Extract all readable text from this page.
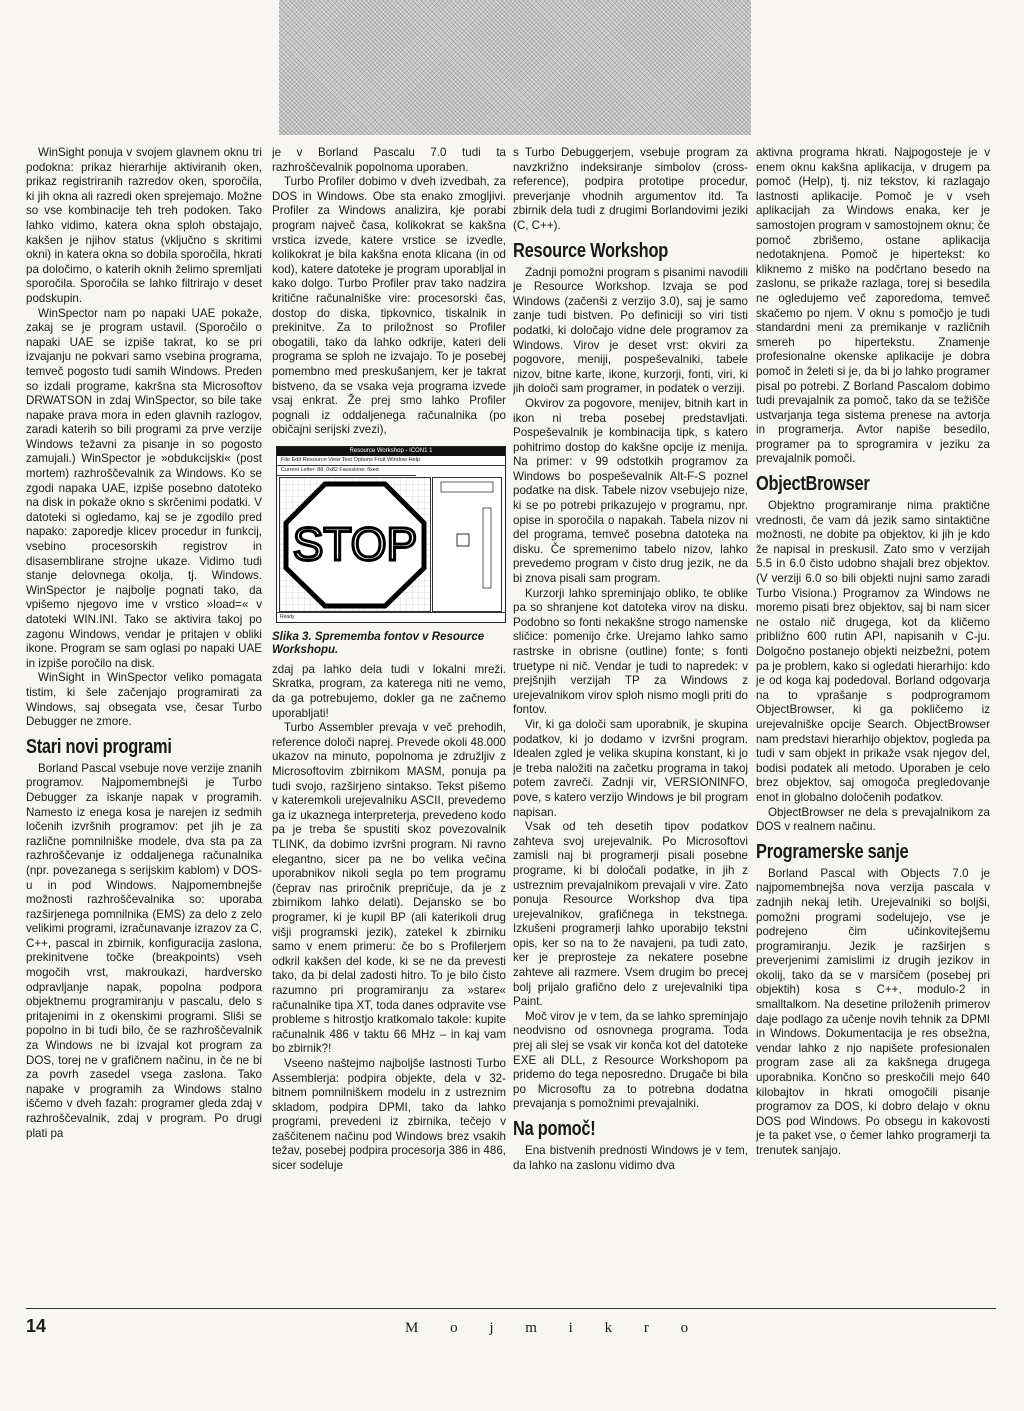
WinSight ponuja v svojem glavnem oknu tri podokna: prikaz hierarhije aktiviranih oken, prikaz registriranih razredov oken, sporočila, ki jih okna ali razredi oken sprejemajo. Možne so vse kombinacije teh treh podoken. Tako lahko vidimo, katera okna sploh obstajajo, kakšen je njihov status (vključno s skritimi okni) in katera okna so dobila sporočila, hkrati pa določimo, o katerih oknih želimo spremljati sporočila. Sporočila se lahko filtrirajo v deset podskupin.

WinSpector nam po napaki UAE pokaže, zakaj se je program ustavil. (Sporočilo o napaki UAE se izpiše takrat, ko se pri izvajanju ne pokvari samo vsebina programa, temveč pogosto tudi samih Windows. Preden so izdali programe, kakršna sta Microsoftov DRWATSON in zdaj WinSpector, so bile take napake prava mora in eden glavnih razlogov, zaradi katerih so bili programi za prve verzije Windows težavni za pisanje in so pogosto zamujali.) WinSpector je »obdukcijski« (post mortem) razhroščevalnik za Windows. Ko se zgodi napaka UAE, izpiše posebno datoteko na disk in pokaže okno s skrčenimi podatki. V datoteki si ogledamo, kaj se je zgodilo pred napako: zaporedje klicev procedur in funkcij, vsebino procesorskih registrov in disasemblirane strojne ukaze. Vidimo tudi stanje delovnega okolja, tj. Windows. WinSpector je najbolje pognati tako, da vpišemo njegovo ime v vrstico »load=« v datoteki WIN.INI. Tako se aktivira takoj po zagonu Windows, vendar je pritajen v obliki ikone. Program se sam oglasi po napaki UAE in izpiše poročilo na disk.

WinSight in WinSpector veliko pomagata tistim, ki šele začenjajo programirati za Windows, saj obsegata vse, česar Turbo Debugger ne zmore.

Stari novi programi

Borland Pascal vsebuje nove verzije znanih programov. Najpomembnejši je Turbo Debugger za iskanje napak v programih. Namesto iz enega kosa je narejen iz sedmih ločenih izvršnih programov: pet jih je za različne pomnilniške modele, dva sta pa za razhroščevanje iz oddaljenega računalnika (npr. povezanega s serijskim kablom) v DOS-u in pod Windows. Najpomembnejše možnosti razhroščevalnika so: uporaba razširjenega pomnilnika (EMS) za delo z zelo velikimi programi, izračunavanje izrazov za C, C++, pascal in zbirnik, konfiguracija zaslona, prekinitvene točke (breakpoints) vseh mogočih vrst, makroukazi, hardversko odpravljanje napak, popolna podpora objektnemu programiranju v pascalu, delo s pritajenimi in z okenskimi programi. Sliši se popolno in bi tudi bilo, če se razhroščevalnik za Windows ne bi izvajal kot program za DOS, torej ne v grafičnem načinu, in če ne bi za povrh zasedel vsega zaslona. Tako napake v programih za Windows stalno iščemo v dveh fazah: programer gleda zdaj v razhroščevalnik, zdaj v program. Po drugi plati pa

je v Borland Pascalu 7.0 tudi ta razhroščevalnik popolnoma uporaben.

Turbo Profiler dobimo v dveh izvedbah, za DOS in Windows. Obe sta enako zmogljivi. Profiler za Windows analizira, kje porabi program največ časa, kolikokrat se kakšna vrstica izvede, katere vrstice se izvedle, kolikokrat je bila kakšna enota klicana (in od kod), katere datoteke je program uporabljal in kako dolgo. Turbo Profiler prav tako nadzira kritične računalniške vire: procesorski čas, dostop do diska, tipkovnico, tiskalnik in prekinitve. Za to priložnost so Profiler obogatili, tako da lahko odkrije, kateri deli programa se sploh ne izvajajo. To je posebej pomembno med preskušanjem, ker je takrat bistveno, da se vsaka veja programa izvede vsaj enkrat. Že prej smo lahko Profiler pognali iz oddaljenega računalnika (po običajni serijski zvezi),

Resource Workshop - ICON1 1
File Edit Resource View Text Options Fruit Window Help
Current Letter: 88, 0x82 Faceslone: fixed
STOP
Ready
Slika 3. Sprememba fontov v Resource Workshopu.

zdaj pa lahko dela tudi v lokalni mreži. Skratka, program, za katerega niti ne vemo, da ga potrebujemo, dokler ga ne začnemo uporabljati!

Turbo Assembler prevaja v več prehodih, reference določi naprej. Prevede okoli 48.000 ukazov na minuto, popolnoma je združljiv z Microsoftovim zbirnikom MASM, ponuja pa tudi svojo, razširjeno sintakso. Tekst pišemo v kateremkoli urejevalniku ASCII, prevedemo ga iz ukaznega interpreterja, prevedeno kodo pa je treba še spustiti skoz povezovalnik TLINK, da dobimo izvršni program. Ni ravno elegantno, sicer pa ne bo velika večina uporabnikov nikoli segla po tem programu (čeprav nas priročnik prepričuje, da je z zbirnikom lahko delati). Dejansko se bo programer, ki je kupil BP (ali katerikoli drug višji programski jezik), zatekel k zbirniku samo v enem primeru: če bo s Profilerjem odkril kakšen del kode, ki se ne da prevesti tako, da bi delal zadosti hitro. To je bilo čisto razumno pri programiranju za »stare« računalnike tipa XT, toda danes odpravite vse probleme s hitrostjo kratkomalo takole: kupite računalnik 486 v taktu 66 MHz – in kaj vam bo zbirnik?!

Vseeno naštejmo najboljše lastnosti Turbo Assemblerja: podpira objekte, dela v 32-bitnem pomnilniškem modelu in z ustreznim skladom, podpira DPMI, tako da lahko programi, prevedeni iz zbirnika, tečejo v zaščitenem načinu pod Windows brez vsakih težav, posebej podpira procesorja 386 in 486, sicer sodeluje

s Turbo Debuggerjem, vsebuje program za navzkrižno indeksiranje simbolov (cross-reference), podpira prototipe procedur, preverjanje vhodnih argumentov itd. Ta zbirnik dela tudi z drugimi Borlandovimi jeziki (C, C++).

Resource Workshop

Zadnji pomožni program s pisanimi navodili je Resource Workshop. Izvaja se pod Windows (začenši z verzijo 3.0), saj je samo zanje tudi bistven. Po definiciji so viri tisti podatki, ki določajo vidne dele programov za Windows. Virov je deset vrst: okviri za pogovore, meniji, pospeševalniki, tabele nizov, bitne karte, ikone, kurzorji, fonti, viri, ki jih določi sam programer, in podatek o verziji.

Okvirov za pogovore, menijev, bitnih kart in ikon ni treba posebej predstavljati. Pospeševalnik je kombinacija tipk, s katero pohitrimo dostop do kakšne opcije iz menija. Na primer: v 99 odstotkih programov za Windows bo pospeševalnik Alt-F-S poznel podatke na disk. Tabele nizov vsebujejo nize, ki se po potrebi prikazujejo v programu, npr. opise in sporočila o napakah. Tabela nizov ni del programa, temveč posebna datoteka na disku. Če spremenimo tabelo nizov, lahko prevedemo program v čisto drug jezik, ne da bi znova pisali sam program.

Kurzorji lahko spreminjajo obliko, te oblike pa so shranjene kot datoteka virov na disku. Podobno so fonti nekakšne strogo namenske sličice: pomenijo črke. Urejamo lahko samo rastrske in obrisne (outline) fonte; s fonti truetype ni nič. Vendar je tudi to napredek: v prejšnjih verzijah TP za Windows z urejevalnikom virov sploh nismo mogli priti do fontov.

Vir, ki ga določi sam uporabnik, je skupina podatkov, ki jo dodamo v izvršni program. Idealen zgled je velika skupina konstant, ki jo je treba naložiti na začetku programa in takoj potem zavreči. Zadnji vir, VERSIONINFO, pove, s katero verzijo Windows je bil program napisan.

Vsak od teh desetih tipov podatkov zahteva svoj urejevalnik. Po Microsoftovi zamisli naj bi programerji pisali posebne programe, ki bi določali podatke, in jih z ustreznim prevajalnikom prevajali v vire. Zato ponuja Resource Workshop dva tipa urejevalnikov, grafičnega in tekstnega. Izkušeni programerji lahko uporabijo tekstni opis, ker so na to že navajeni, pa tudi zato, ker je preprosteje za nekatere posebne zahteve ali razmere. Vsem drugim bo precej bolj prijalo grafično delo z urejevalniki tipa Paint.

Moč virov je v tem, da se lahko spreminjajo neodvisno od osnovnega programa. Toda prej ali slej se vsak vir konča kot del datoteke EXE ali DLL, z Resource Workshopom pa pridemo do tega neposredno. Drugače bi bila po Microsoftu za to potrebna dodatna prevajanja s pomožnimi prevajalniki.

Na pomoč!

Ena bistvenih prednosti Windows je v tem, da lahko na zaslonu vidimo dva

aktivna programa hkrati. Najpogosteje je v enem oknu kakšna aplikacija, v drugem pa pomoč (Help), tj. niz tekstov, ki razlagajo lastnosti aplikacije. Pomoč je v vseh aplikacijah za Windows enaka, ker je samostojen program v samostojnem oknu; če pomoč zbrišemo, ostane aplikacija nedotaknjena. Pomoč je hipertekst: ko kliknemo z miško na podčrtano besedo na zaslonu, se prikaže razlaga, torej si besedila ne ogledujemo več zaporedoma, temveč skačemo po njem. V oknu s pomočjo je tudi standardni meni za premikanje v različnih smereh po hipertekstu. Znamenje profesionalne okenske aplikacije je dobra pomoč in želeti si je, da bi jo lahko programer pisal po potrebi. Z Borland Pascalom dobimo tudi prevajalnik za pomoč, tako da se težišče ustvarjanja tega sistema prenese na avtorja in programerja. Avtor napiše besedilo, programer pa to sprogramira v jeziku za prevajalnik pomoči.

ObjectBrowser

Objektno programiranje nima praktične vrednosti, če vam dá jezik samo sintaktične možnosti, ne dobite pa objektov, ki jih je kdo že napisal in preskusil. Zato smo v verzijah 5.5 in 6.0 čisto udobno shajali brez objektov. (V verziji 6.0 so bili objekti nujni samo zaradi Turbo Visiona.) Programov za Windows ne moremo pisati brez objektov, saj bi nam sicer ne ostalo nič drugega, kot da kličemo približno 600 rutin API, napisanih v C-ju. Dolgočno postanejo objekti neizbežni, potem pa je problem, kako si ogledati hierarhijo: kdo je od koga kaj podedoval. Borland odgovarja na to vprašanje s podprogramom ObjectBrowser, ki ga pokličemo iz urejevalniške opcije Search. ObjectBrowser nam predstavi hierarhijo objektov, pogleda pa tudi v sam objekt in prikaže vsak njegov del, bodisi podatek ali metodo. Uporaben je celo brez objektov, saj omogoča pregledovanje enot in globalno določenih podatkov.

ObjectBrowser ne dela s prevajalnikom za DOS v realnem načinu.

Programerske sanje

Borland Pascal with Objects 7.0 je najpomembnejša nova verzija pascala v zadnjih nekaj letih. Urejevalniki so boljši, pomožni programi sodelujejo, vse je podrejeno čim učinkovitejšemu programiranju. Jezik je razširjen s preverjenimi zamislimi iz drugih jezikov in okolij, tako da se v marsičem (posebej pri objektih) kosa s C++, modulo-2 in smalltalkom. Na desetine priloženih primerov daje podlago za učenje novih tehnik za DPMI in Windows. Dokumentacija je res obsežna, vendar lahko z njo napišete profesionalen program zase ali za kakšnega drugega uporabnika. Končno so preskočili mejo 640 kilobajtov in hkrati omogočili pisanje programov za DOS, ki dobro delajo v oknu DOS pod Windows. Po obsegu in kakovosti je ta paket vse, o čemer lahko programerji ta trenutek sanjajo.

14	M o j m i k r o
